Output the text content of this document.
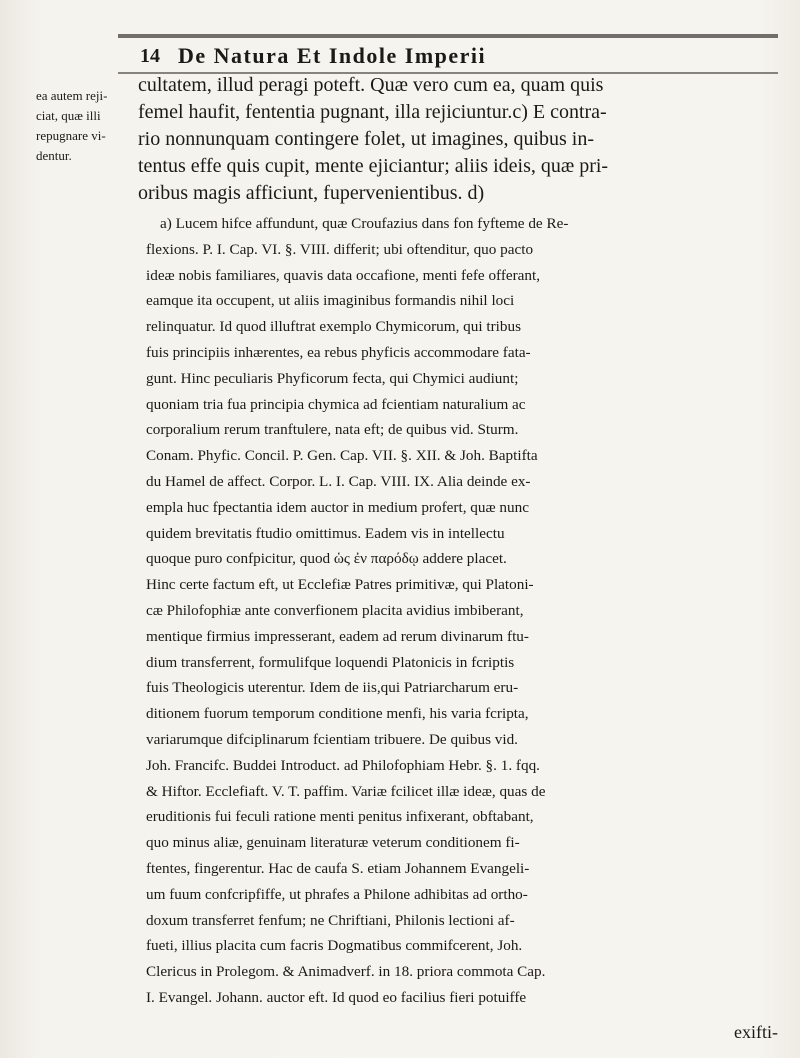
14 De Natura Et Indole Imperii
ea autem reji-
ciat, quæ illi
repugnare vi-
dentur.
cultatem, illud peragi poteft. Quæ vero cum ea, quam quis
femel haufit, fententia pugnant, illa rejiciuntur.c) E contra-
rio nonnunquam contingere folet, ut imagines, quibus in-
tentus effe quis cupit, mente ejiciantur; aliis ideis, quæ pri-
oribus magis afficiunt, fupervenientibus. d)
a) Lucem hifce affundunt, quæ Croufazius dans fon fyfteme de Re-
flexions. P. I. Cap. VI. §. VIII. differit; ubi oftenditur, quo pacto
ideæ nobis familiares, quavis data occafione, menti fefe offerant,
eamque ita occupent, ut aliis imaginibus formandis nihil loci
relinquatur. Id quod illuftrat exemplo Chymicorum, qui tribus
fuis principiis inhærentes, ea rebus phyficis accommodare fata-
gunt. Hinc peculiaris Phyficorum fecta, qui Chymici audiunt;
quoniam tria fua principia chymica ad fcientiam naturalium ac
corporalium rerum tranftulere, nata eft; de quibus vid. Sturm.
Conam. Phyfic. Concil. P. Gen. Cap. VII. §. XII. & Joh. Baptifta
du Hamel de affect. Corpor. L. I. Cap. VIII. IX. Alia deinde ex-
empla huc fpectantia idem auctor in medium profert, quæ nunc
quidem brevitatis ftudio omittimus. Eadem vis in intellectu
quoque puro confpicitur, quod ὡς ἐν παρόδῳ addere placet.
Hinc certe factum eft, ut Ecclefiæ Patres primitivæ, qui Platoni-
cæ Philofophiæ ante converfionem placita avidius imbiberant,
mentique firmius impresserant, eadem ad rerum divinarum ftu-
dium transferrent, formulifque loquendi Platonicis in fcriptis
fuis Theologicis uterentur. Idem de iis,qui Patriarcharum eru-
ditionem fuorum temporum conditione menfi, his varia fcripta,
variarumque difciplinarum fcientiam tribuere. De quibus vid.
Joh. Francifc. Buddei Introduct. ad Philofophiam Hebr. §. 1. fqq.
& Hiftor. Ecclefiaft. V. T. paffim. Variæ fcilicet illæ ideæ, quas de
eruditionis fui feculi ratione menti penitus infixerant, obftabant,
quo minus aliæ, genuinam literaturæ veterum conditionem fi-
ftentes, fingerentur. Hac de caufa S. etiam Johannem Evangeli-
um fuum confcripfiffe, ut phrafes a Philone adhibitas ad ortho-
doxum transferret fenfum; ne Chriftiani, Philonis lectioni af-
fueti, illius placita cum facris Dogmatibus commifcerent, Joh.
Clericus in Prolegom. & Animadverf. in 18. priora commota Cap.
I. Evangel. Johann. auctor eft. Id quod eo facilius fieri potuiffe
exifti-
